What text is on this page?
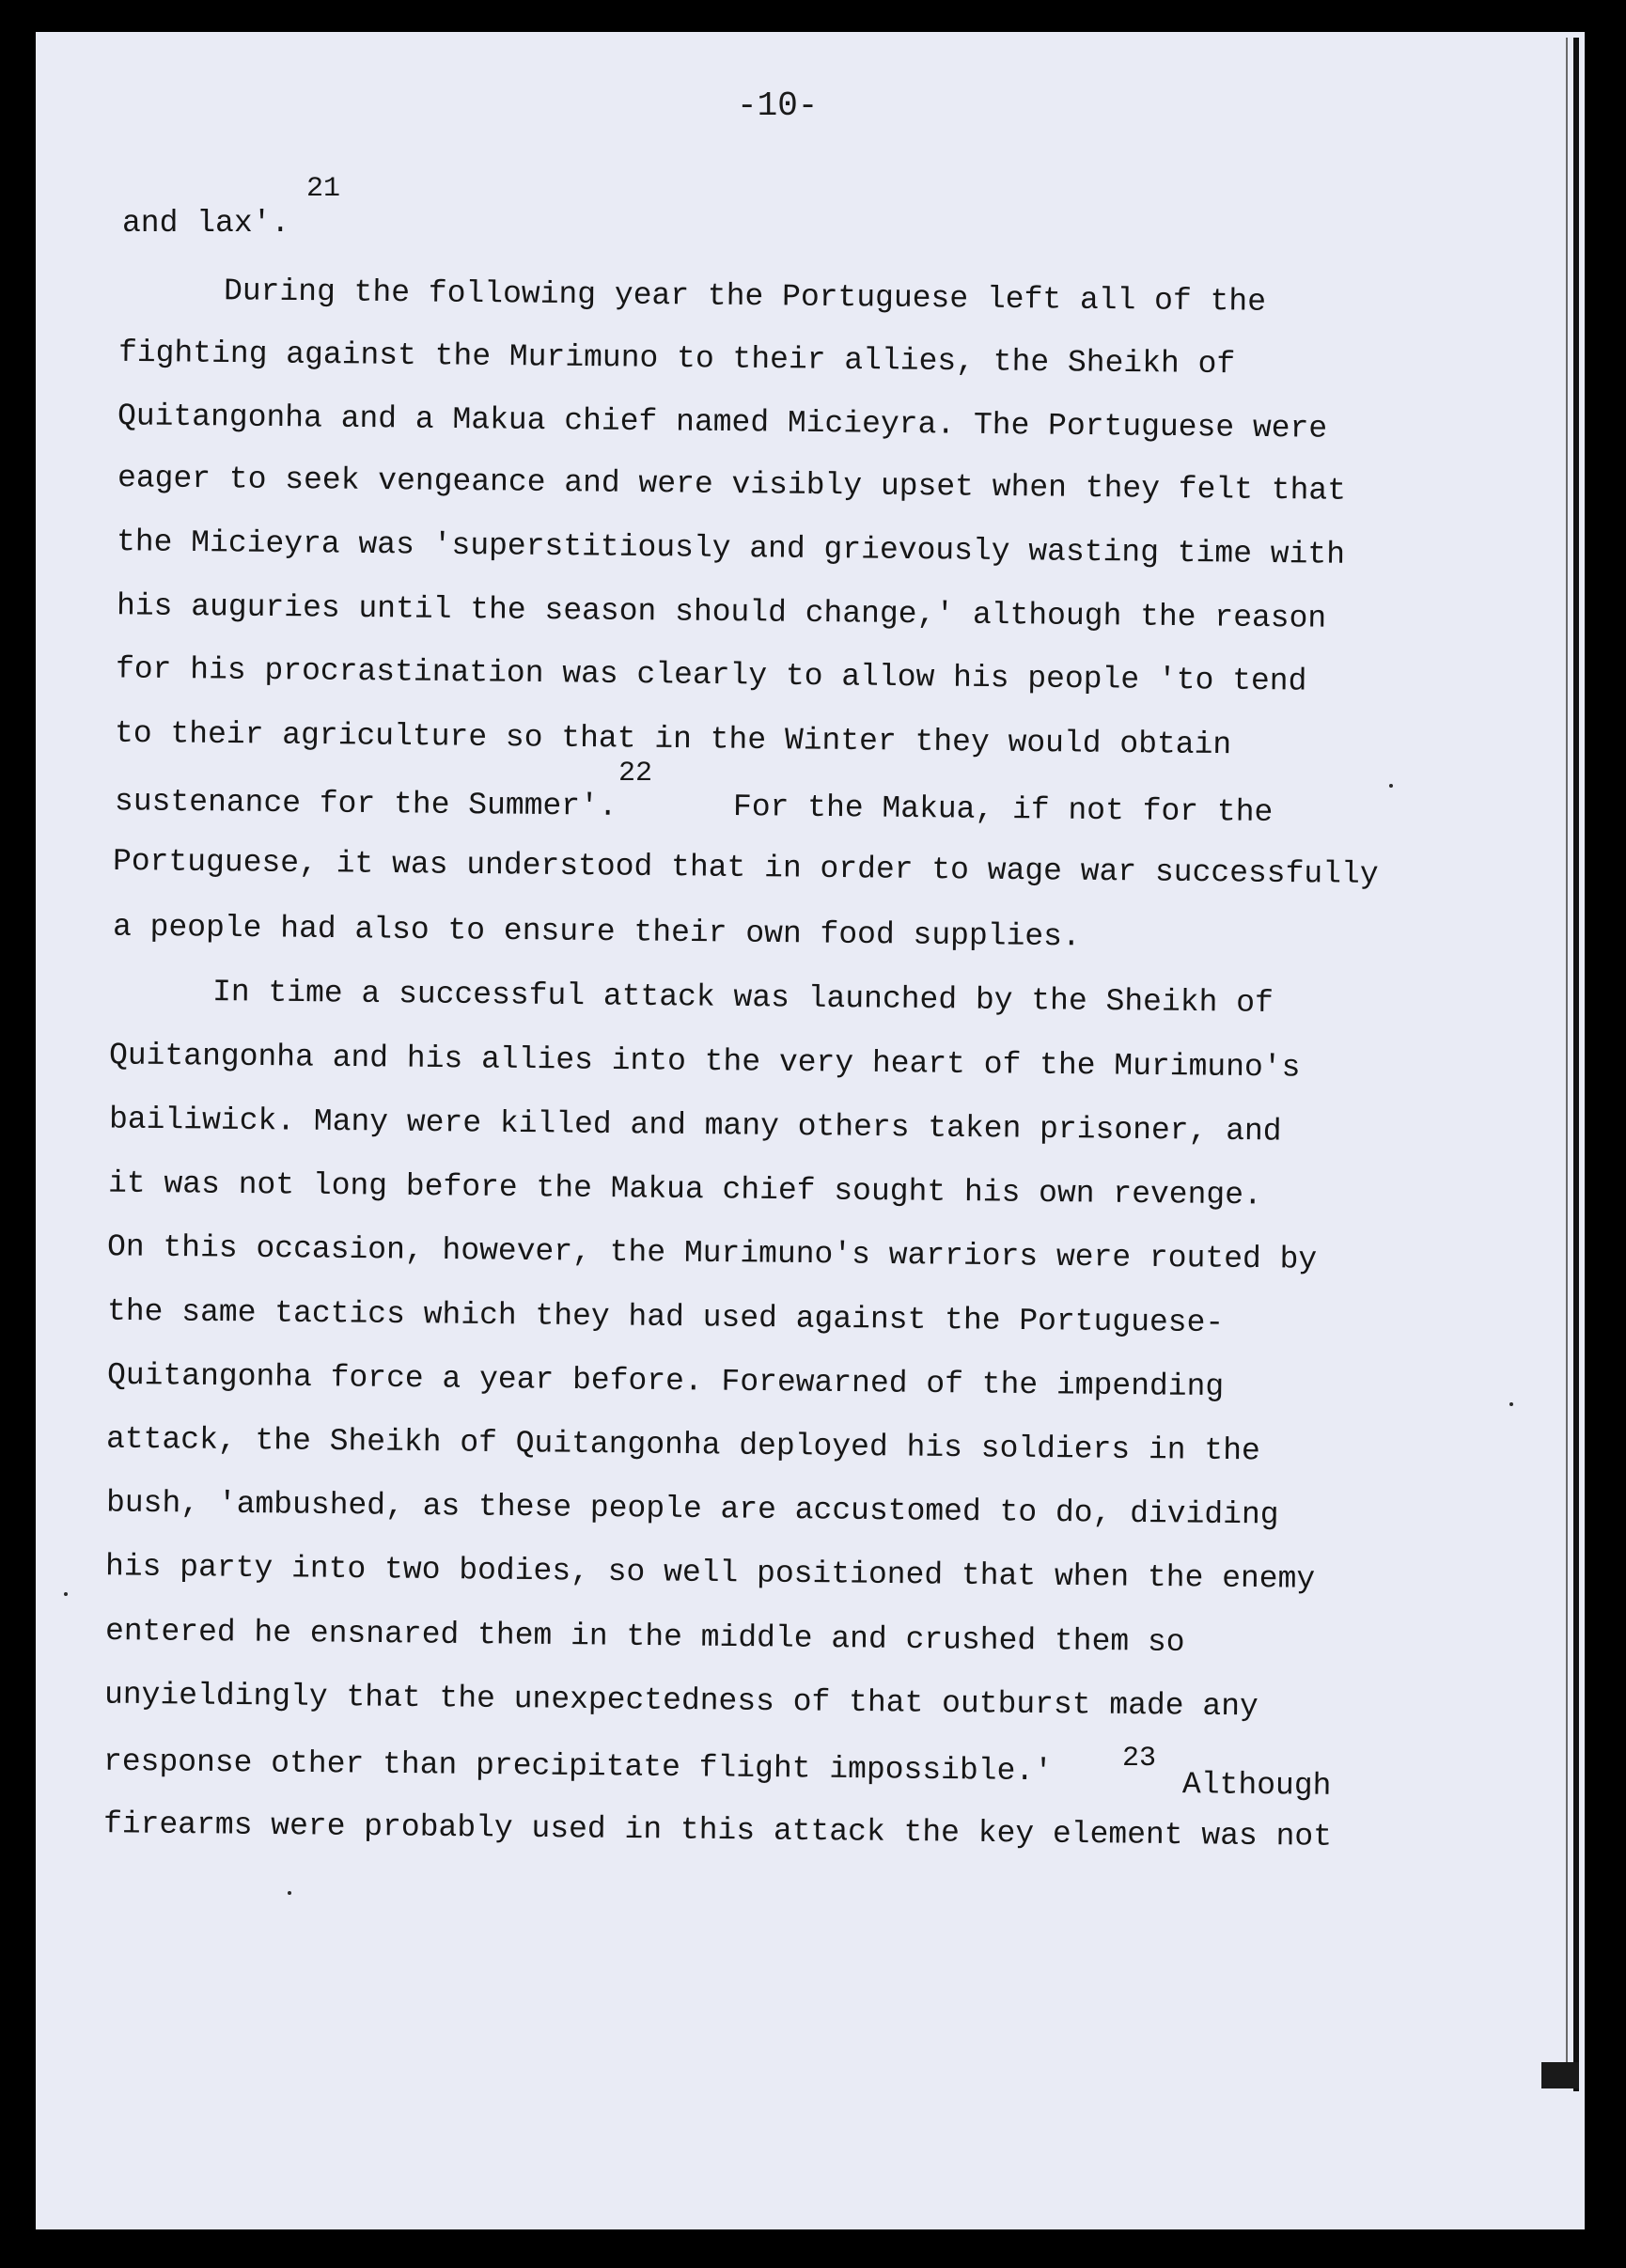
-10-
and lax'.
21
During the following year the Portuguese left all of the
fighting against the Murimuno to their allies, the Sheikh of
Quitangonha and a Makua chief named Micieyra. The Portuguese were
eager to seek vengeance and were visibly upset when they felt that
the Micieyra was 'superstitiously and grievously wasting time with
his auguries until the season should change,' although the reason
for his procrastination was clearly to allow his people 'to tend
to their agriculture so that in the Winter they would obtain
sustenance for the Summer'.
22
For the Makua, if not for the
Portuguese, it was understood that in order to wage war successfully
a people had also to ensure their own food supplies.
In time a successful attack was launched by the Sheikh of
Quitangonha and his allies into the very heart of the Murimuno's
bailiwick. Many were killed and many others taken prisoner, and
it was not long before the Makua chief sought his own revenge.
On this occasion, however, the Murimuno's warriors were routed by
the same tactics which they had used against the Portuguese-
Quitangonha force a year before. Forewarned of the impending
attack, the Sheikh of Quitangonha deployed his soldiers in the
bush, 'ambushed, as these people are accustomed to do, dividing
his party into two bodies, so well positioned that when the enemy
entered he ensnared them in the middle and crushed them so
unyieldingly that the unexpectedness of that outburst made any
response other than precipitate flight impossible.' 23
Although
firearms were probably used in this attack the key element was not
